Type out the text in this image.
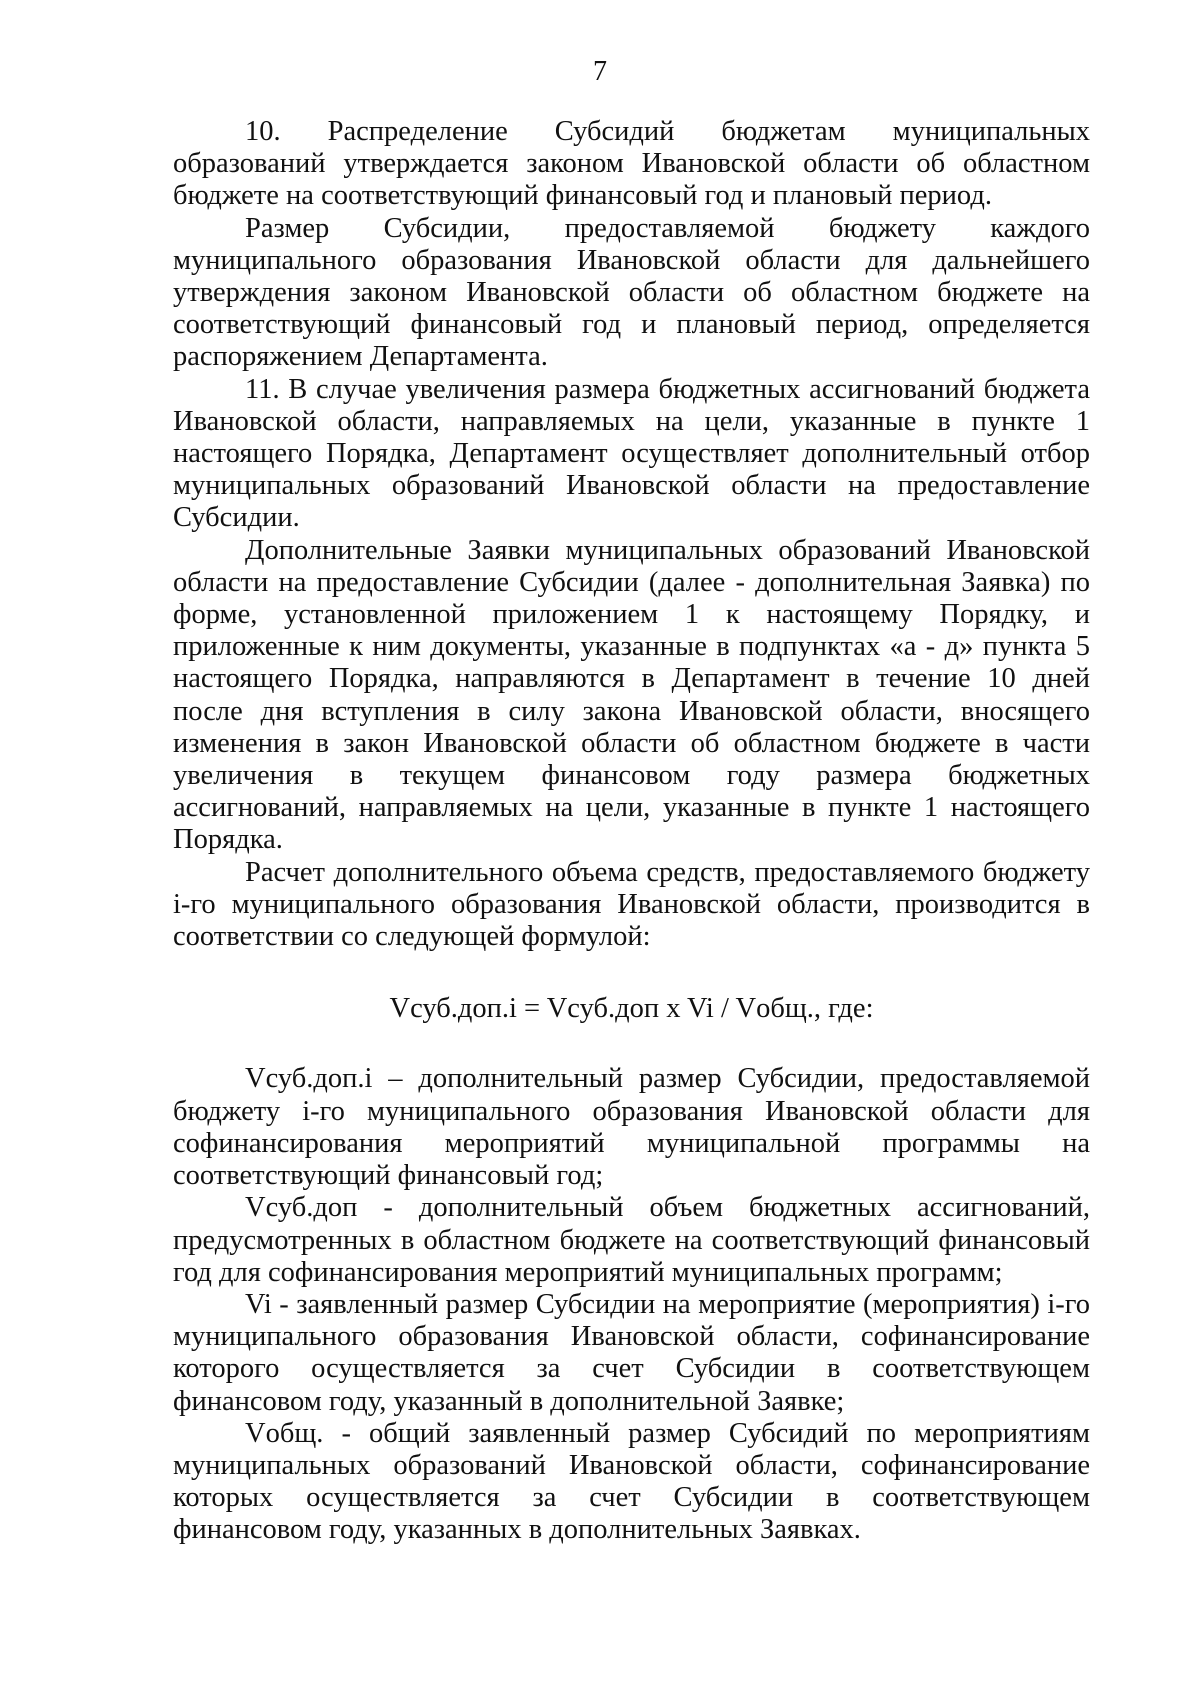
7

10. Распределение Субсидий бюджетам муниципальных образований утверждается законом Ивановской области об областном бюджете на соответствующий финансовый год и плановый период.

Размер Субсидии, предоставляемой бюджету каждого муниципального образования Ивановской области для дальнейшего утверждения законом Ивановской области об областном бюджете на соответствующий финансовый год и плановый период, определяется распоряжением Департамента.

11. В случае увеличения размера бюджетных ассигнований бюджета Ивановской области, направляемых на цели, указанные в пункте 1 настоящего Порядка, Департамент осуществляет дополнительный отбор муниципальных образований Ивановской области на предоставление Субсидии.

Дополнительные Заявки муниципальных образований Ивановской области на предоставление Субсидии (далее - дополнительная Заявка) по форме, установленной приложением 1 к настоящему Порядку, и приложенные к ним документы, указанные в подпунктах «а - д» пункта 5 настоящего Порядка, направляются в Департамент в течение 10 дней после дня вступления в силу закона Ивановской области, вносящего изменения в закон Ивановской области об областном бюджете в части увеличения в текущем финансовом году размера бюджетных ассигнований, направляемых на цели, указанные в пункте 1 настоящего Порядка.

Расчет дополнительного объема средств, предоставляемого бюджету i-го муниципального образования Ивановской области, производится в соответствии со следующей формулой:

Vсуб.доп.i = Vсуб.доп x Vi / Vобщ., где:

Vсуб.доп.i – дополнительный размер Субсидии, предоставляемой бюджету i-го муниципального образования Ивановской области для софинансирования мероприятий муниципальной программы на соответствующий финансовый год;

Vсуб.доп - дополнительный объем бюджетных ассигнований, предусмотренных в областном бюджете на соответствующий финансовый год для софинансирования мероприятий муниципальных программ;

Vi - заявленный размер Субсидии на мероприятие (мероприятия) i-го муниципального образования Ивановской области, софинансирование которого осуществляется за счет Субсидии в соответствующем финансовом году, указанный в дополнительной Заявке;

Vобщ. - общий заявленный размер Субсидий по мероприятиям муниципальных образований Ивановской области, софинансирование которых осуществляется за счет Субсидии в соответствующем финансовом году, указанных в дополнительных Заявках.
